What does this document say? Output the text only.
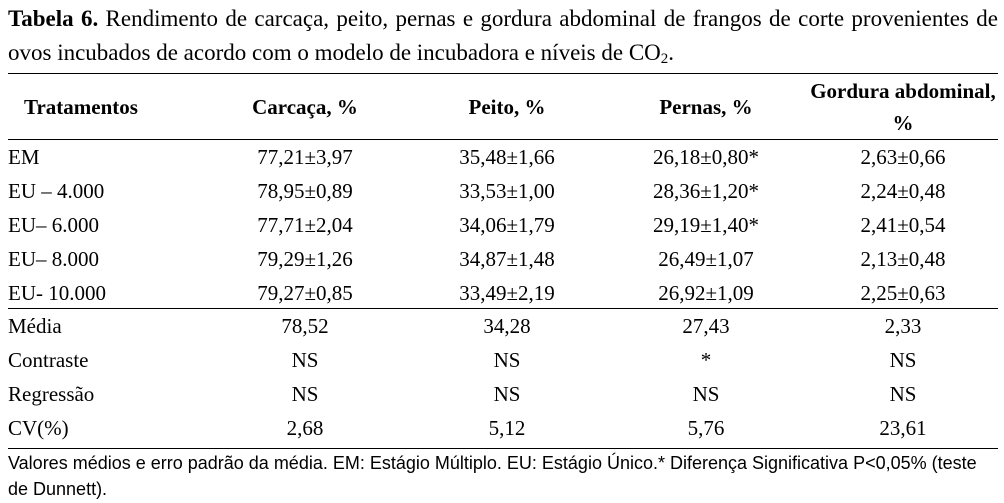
Tabela 6. Rendimento de carcaça, peito, pernas e gordura abdominal de frangos de corte provenientes de ovos incubados de acordo com o modelo de incubadora e níveis de $CO_2$.
Tratamentos	Carcaça, %	Peito, %	Pernas, %	Gordura abdominal, %
EM	77,21±3,97	35,48±1,66	26,18±0,80*	2,63±0,66
EU – 4.000	78,95±0,89	33,53±1,00	28,36±1,20*	2,24±0,48
EU– 6.000	77,71±2,04	34,06±1,79	29,19±1,40*	2,41±0,54
EU– 8.000	79,29±1,26	34,87±1,48	26,49±1,07	2,13±0,48
EU- 10.000	79,27±0,85	33,49±2,19	26,92±1,09	2,25±0,63
Média	78,52	34,28	27,43	2,33
Contraste	NS	NS	*	NS
Regressão	NS	NS	NS	NS
CV(%)	2,68	5,12	5,76	23,61
Valores médios e erro padrão da média. EM: Estágio Múltiplo. EU: Estágio Único.* Diferença Significativa P<0,05% (teste de Dunnett).
